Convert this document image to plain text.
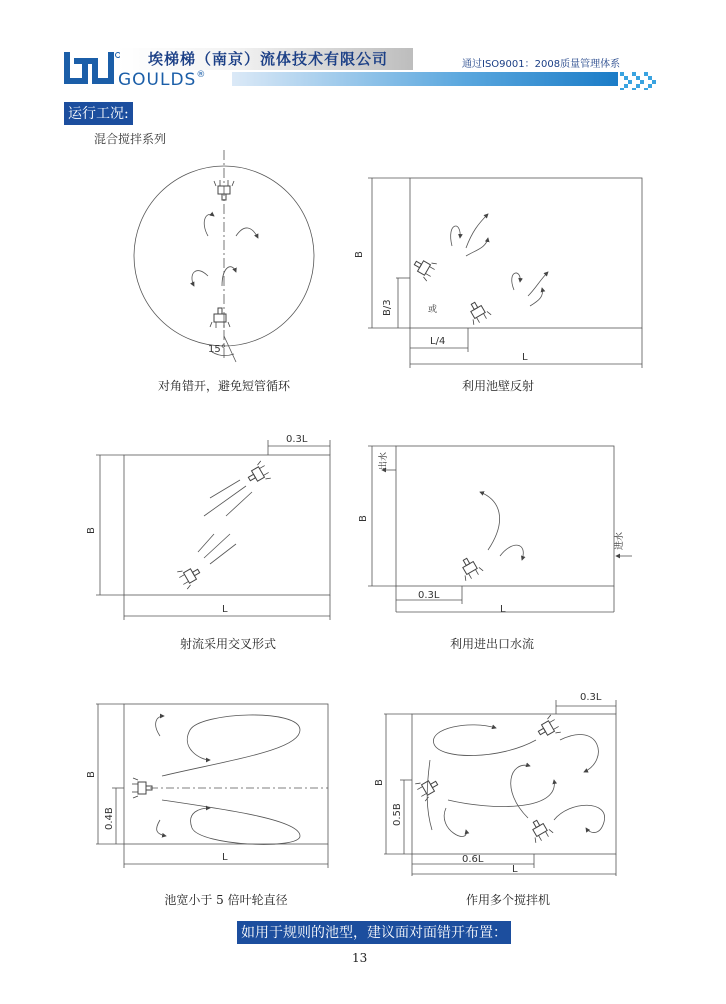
GOULDS®
埃梯梯（南京）流体技术有限公司	通过ISO9001：2008质量管理体系
运行工况:
混合搅拌系列
15°
对角错开，避免短管循环
B
B/3
L/4
L
或
利用池壁反射
0.3L
B
L
射流采用交叉形式
出水
进水
B
0.3L
L
利用进出口水流
B
0.4B
L
池宽小于 5 倍叶轮直径
0.3L
B
0.5B
0.6L
L
作用多个搅拌机
如用于规则的池型，建议面对面错开布置：
13
